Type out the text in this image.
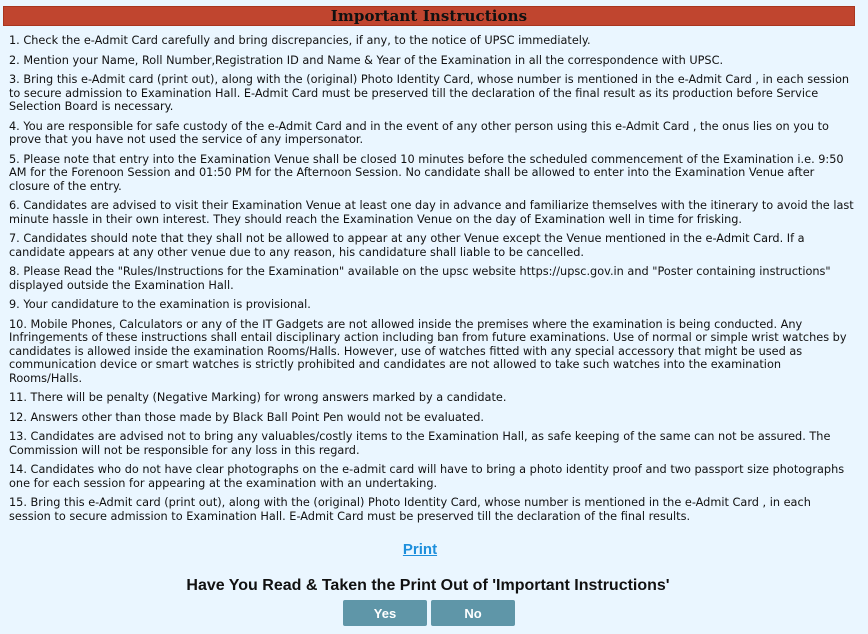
Important Instructions
1. Check the e-Admit Card carefully and bring discrepancies, if any, to the notice of UPSC immediately.
2. Mention your Name, Roll Number,Registration ID and Name & Year of the Examination in all the correspondence with UPSC.
3. Bring this e-Admit card (print out), along with the (original) Photo Identity Card, whose number is mentioned in the e-Admit Card , in each session to secure admission to Examination Hall. E-Admit Card must be preserved till the declaration of the final result as its production before Service Selection Board is necessary.
4. You are responsible for safe custody of the e-Admit Card and in the event of any other person using this e-Admit Card , the onus lies on you to prove that you have not used the service of any impersonator.
5. Please note that entry into the Examination Venue shall be closed 10 minutes before the scheduled commencement of the Examination i.e. 9:50 AM for the Forenoon Session and 01:50 PM for the Afternoon Session. No candidate shall be allowed to enter into the Examination Venue after closure of the entry.
6. Candidates are advised to visit their Examination Venue at least one day in advance and familiarize themselves with the itinerary to avoid the last minute hassle in their own interest. They should reach the Examination Venue on the day of Examination well in time for frisking.
7. Candidates should note that they shall not be allowed to appear at any other Venue except the Venue mentioned in the e-Admit Card. If a candidate appears at any other venue due to any reason, his candidature shall liable to be cancelled.
8. Please Read the "Rules/Instructions for the Examination" available on the upsc website https://upsc.gov.in and "Poster containing instructions" displayed outside the Examination Hall.
9. Your candidature to the examination is provisional.
10. Mobile Phones, Calculators or any of the IT Gadgets are not allowed inside the premises where the examination is being conducted. Any Infringements of these instructions shall entail disciplinary action including ban from future examinations. Use of normal or simple wrist watches by candidates is allowed inside the examination Rooms/Halls. However, use of watches fitted with any special accessory that might be used as communication device or smart watches is strictly prohibited and candidates are not allowed to take such watches into the examination Rooms/Halls.
11. There will be penalty (Negative Marking) for wrong answers marked by a candidate.
12. Answers other than those made by Black Ball Point Pen would not be evaluated.
13. Candidates are advised not to bring any valuables/costly items to the Examination Hall, as safe keeping of the same can not be assured. The Commission will not be responsible for any loss in this regard.
14. Candidates who do not have clear photographs on the e-admit card will have to bring a photo identity proof and two passport size photographs one for each session for appearing at the examination with an undertaking.
15. Bring this e-Admit card (print out), along with the (original) Photo Identity Card, whose number is mentioned in the e-Admit Card , in each session to secure admission to Examination Hall. E-Admit Card must be preserved till the declaration of the final results.
Print
Have You Read & Taken the Print Out of 'Important Instructions'
Yes	No
